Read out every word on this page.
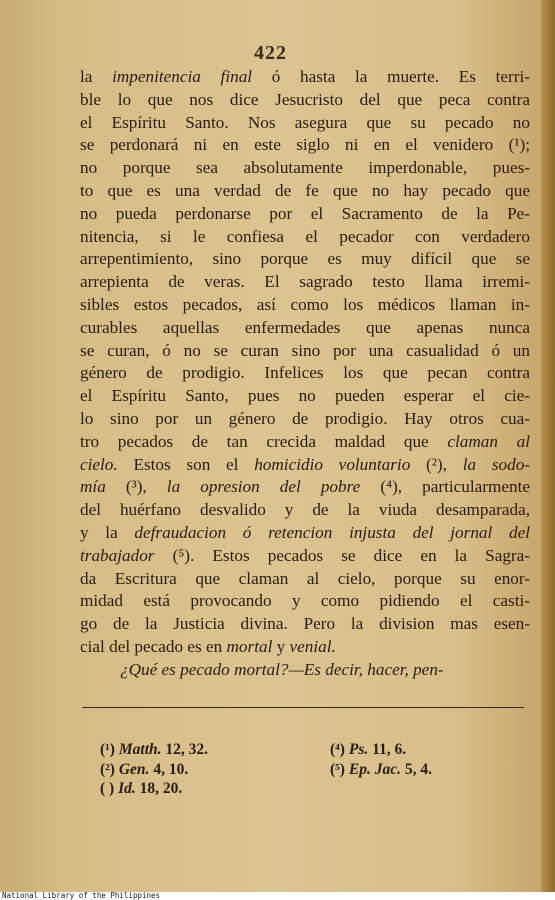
422
la impenitencia final ó hasta la muerte. Es terri-
ble lo que nos dice Jesucristo del que peca contra
el Espíritu Santo. Nos asegura que su pecado no
se perdonará ni en este siglo ni en el venidero (¹);
no porque sea absolutamente imperdonable, pues-
to que es una verdad de fe que no hay pecado que
no pueda perdonarse por el Sacramento de la Pe-
nitencia, si le confiesa el pecador con verdadero
arrepentimiento, sino porque es muy difícil que se
arrepienta de veras. El sagrado testo llama irremi-
sibles estos pecados, así como los médicos llaman in-
curables aquellas enfermedades que apenas nunca
se curan, ó no se curan sino por una casualidad ó un
género de prodigio. Infelices los que pecan contra
el Espíritu Santo, pues no pueden esperar el cie-
lo sino por un género de prodigio. Hay otros cua-
tro pecados de tan crecida maldad que claman al
cielo. Estos son el homicidio voluntario (²), la sodo-
mía (³), la opresion del pobre (⁴), particularmente
del huérfano desvalido y de la viuda desamparada,
y la defraudacion ó retencion injusta del jornal del
trabajador (⁵). Estos pecados se dice en la Sagra-
da Escritura que claman al cielo, porque su enor-
midad está provocando y como pidiendo el casti-
go de la Justicia divina. Pero la division mas esen-
cial del pecado es en mortal y venial.
¿Qué es pecado mortal?—Es decir, hacer, pen-
(¹) Matth. 12, 32.
(²) Gen. 4, 10.
( ) Id. 18, 20.
(⁴) Ps. 11, 6.
(⁵) Ep. Jac. 5, 4.
National Library of the Philippines
